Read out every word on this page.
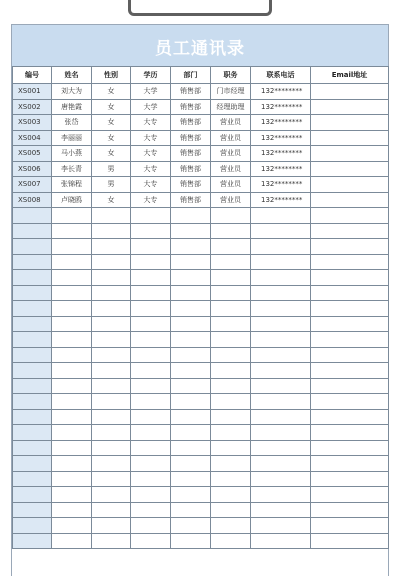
员工通讯录
编号	姓名	性别	学历	部门	职务	联系电话	Email地址
XS001	刘大为	女	大学	销售部	门市经理	132********	
XS002	唐艳霞	女	大学	销售部	经理助理	132********	
XS003	张岱	女	大专	销售部	营业员	132********	
XS004	李丽丽	女	大专	销售部	营业员	132********	
XS005	马小燕	女	大专	销售部	营业员	132********	
XS006	李长青	男	大专	销售部	营业员	132********	
XS007	张锦程	男	大专	销售部	营业员	132********	
XS008	卢晓鸥	女	大专	销售部	营业员	132********	
